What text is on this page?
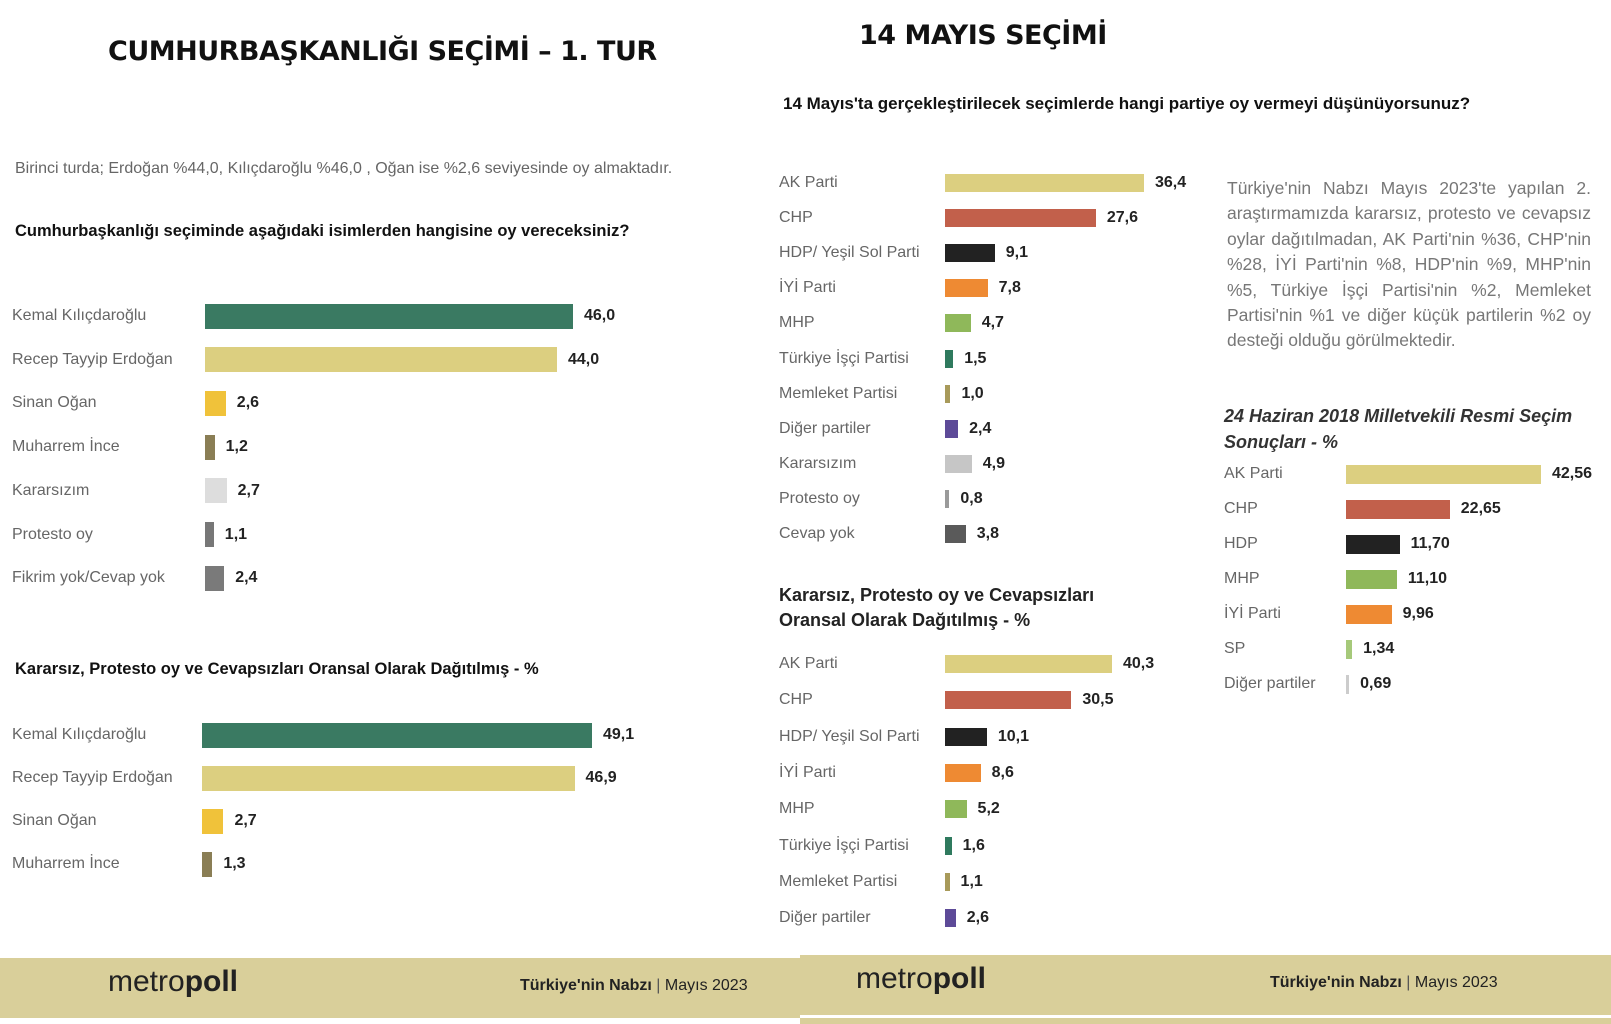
CUMHURBAŞKANLIĞI SEÇİMİ – 1. TUR
Birinci turda; Erdoğan %44,0, Kılıçdaroğlu %46,0 , Oğan ise %2,6 seviyesinde oy almaktadır.
Cumhurbaşkanlığı seçiminde aşağıdaki isimlerden hangisine oy vereceksiniz?
Kemal Kılıçdaroğlu	46,0
Recep Tayyip Erdoğan	44,0
Sinan Oğan	2,6
Muharrem İnce	1,2
Kararsızım	2,7
Protesto oy	1,1
Fikrim yok/Cevap yok	2,4
Kararsız, Protesto oy ve Cevapsızları Oransal Olarak Dağıtılmış - %
Kemal Kılıçdaroğlu	49,1
Recep Tayyip Erdoğan	46,9
Sinan Oğan	2,7
Muharrem İnce	1,3
metropoll	Türkiye'nin Nabzı | Mayıs 2023
14 MAYIS SEÇİMİ
14 Mayıs'ta gerçekleştirilecek seçimlerde hangi partiye oy vermeyi düşünüyorsunuz?
AK Parti	36,4
CHP	27,6
HDP/ Yeşil Sol Parti	9,1
İYİ Parti	7,8
MHP	4,7
Türkiye İşçi Partisi	1,5
Memleket Partisi	1,0
Diğer partiler	2,4
Kararsızım	4,9
Protesto oy	0,8
Cevap yok	3,8
Türkiye'nin Nabzı Mayıs 2023'te yapılan 2. araştırmamızda kararsız, protesto ve cevapsız oylar dağıtılmadan, AK Parti'nin %36, CHP'nin %28, İYİ Parti'nin %8, HDP'nin %9, MHP'nin %5, Türkiye İşçi Partisi'nin %2, Memleket Partisi'nin %1 ve diğer küçük partilerin %2 oy desteği olduğu görülmektedir.
24 Haziran 2018 Milletvekili Resmi Seçim Sonuçları - %
AK Parti	42,56
CHP	22,65
HDP	11,70
MHP	11,10
İYİ Parti	9,96
SP	1,34
Diğer partiler	0,69
Kararsız, Protesto oy ve Cevapsızları Oransal Olarak Dağıtılmış - %
AK Parti	40,3
CHP	30,5
HDP/ Yeşil Sol Parti	10,1
İYİ Parti	8,6
MHP	5,2
Türkiye İşçi Partisi	1,6
Memleket Partisi	1,1
Diğer partiler	2,6
metropoll	Türkiye'nin Nabzı | Mayıs 2023
